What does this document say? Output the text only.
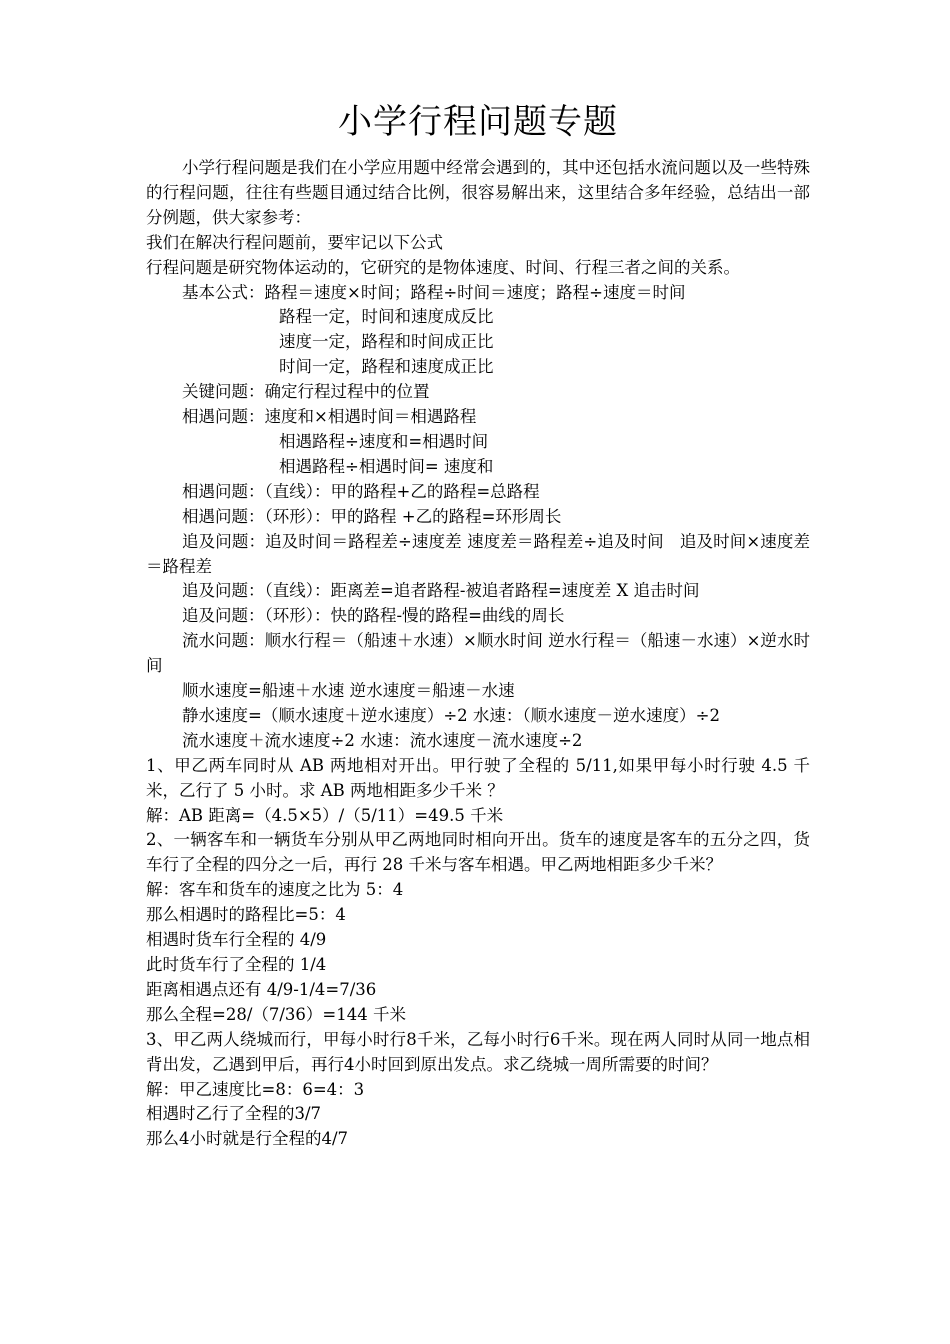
小学行程问题专题

小学行程问题是我们在小学应用题中经常会遇到的，其中还包括水流问题以及一些特殊的行程问题，往往有些题目通过结合比例，很容易解出来，这里结合多年经验，总结出一部分例题，供大家参考：

我们在解决行程问题前，要牢记以下公式

行程问题是研究物体运动的，它研究的是物体速度、时间、行程三者之间的关系。

基本公式：路程＝速度×时间；路程÷时间＝速度；路程÷速度＝时间

路程一定，时间和速度成反比

速度一定，路程和时间成正比

时间一定，路程和速度成正比

关键问题：确定行程过程中的位置

相遇问题：速度和×相遇时间＝相遇路程

相遇路程÷速度和=相遇时间

相遇路程÷相遇时间= 速度和

相遇问题：（直线）：甲的路程+乙的路程=总路程

相遇问题：（环形）：甲的路程 +乙的路程=环形周长

追及问题：追及时间＝路程差÷速度差 速度差＝路程差÷追及时间   追及时间×速度差＝路程差

追及问题：（直线）：距离差=追者路程-被追者路程=速度差 X 追击时间

追及问题：（环形）：快的路程-慢的路程=曲线的周长

流水问题：顺水行程＝（船速＋水速）×顺水时间 逆水行程＝（船速－水速）×逆水时间

顺水速度=船速＋水速 逆水速度＝船速－水速

静水速度=（顺水速度＋逆水速度）÷2 水速：（顺水速度－逆水速度）÷2

流水速度＋流水速度÷2 水速：流水速度－流水速度÷2

1、甲乙两车同时从 AB 两地相对开出。甲行驶了全程的 5/11,如果甲每小时行驶 4.5 千米，乙行了 5 小时。求 AB 两地相距多少千米 ？

解：AB 距离=（4.5×5）/（5/11）=49.5 千米

2、一辆客车和一辆货车分别从甲乙两地同时相向开出。货车的速度是客车的五分之四，货车行了全程的四分之一后，再行 28 千米与客车相遇。甲乙两地相距多少千米？

解：客车和货车的速度之比为 5：4

那么相遇时的路程比=5：4

相遇时货车行全程的 4/9

此时货车行了全程的 1/4

距离相遇点还有 4/9-1/4=7/36

那么全程=28/（7/36）=144 千米

3、甲乙两人绕城而行，甲每小时行8千米，乙每小时行6千米。现在两人同时从同一地点相背出发，乙遇到甲后，再行4小时回到原出发点。求乙绕城一周所需要的时间？

解：甲乙速度比=8：6=4：3

相遇时乙行了全程的3/7

那么4小时就是行全程的4/7
